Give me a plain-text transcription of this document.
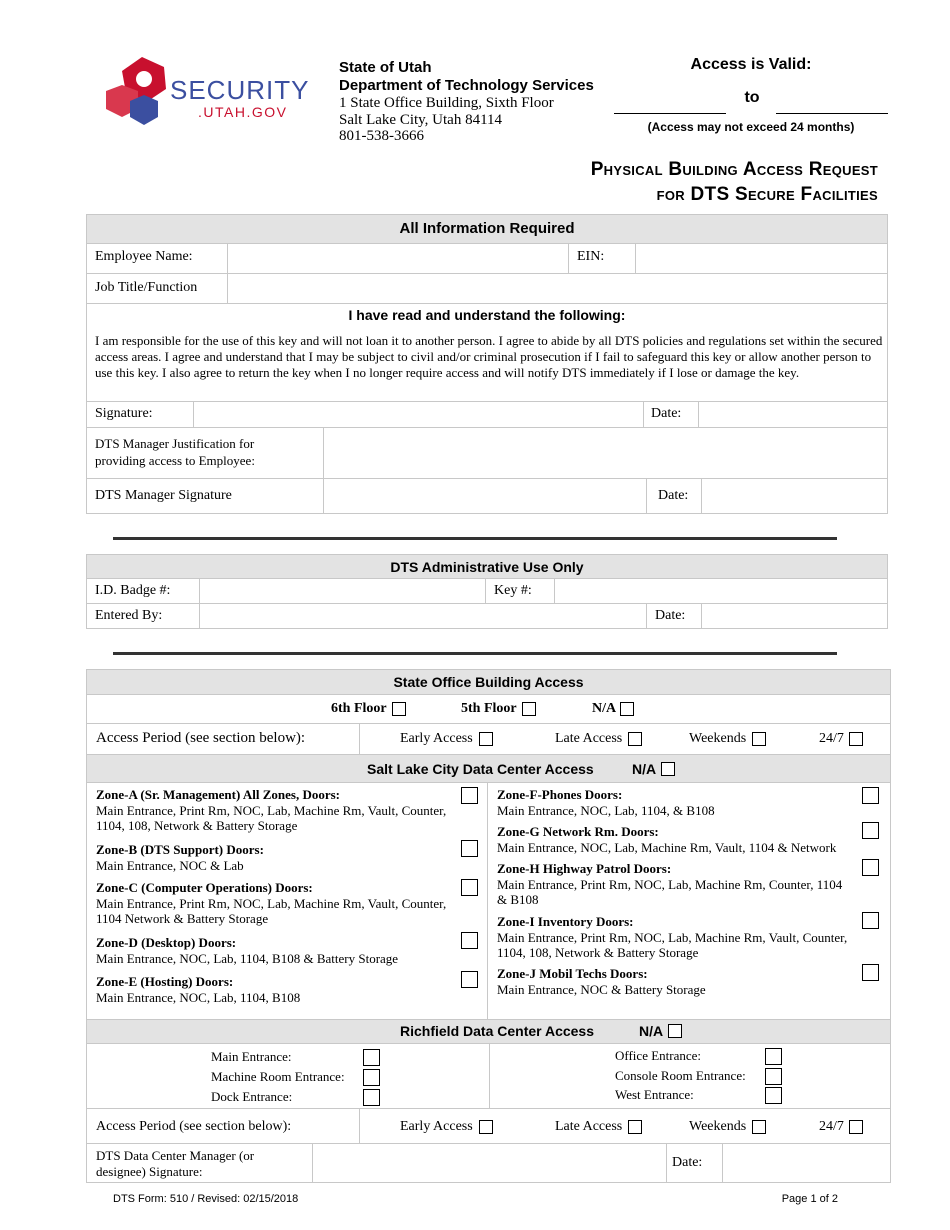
SECURITY
.UTAH.GOV
State of Utah
Department of Technology Services
1 State Office Building, Sixth Floor
Salt Lake City, Utah 84114
801-538-3666
Access is Valid:
to
(Access may not exceed 24 months)
Physical Building Access Request
for DTS Secure Facilities
All Information Required
Employee Name:	EIN:
Job Title/Function
I have read and understand the following:
I am responsible for the use of this key and will not loan it to another person. I agree to abide by all DTS policies and regulations set within the secured access areas. I agree and understand that I may be subject to civil and/or criminal prosecution if I fail to safeguard this key or allow another person to use this key. I also agree to return the key when I no longer require access and will notify DTS immediately if I lose or damage the key.
Signature:	Date:
DTS Manager Justification for
providing access to Employee:
DTS Manager Signature	Date:
DTS Administrative Use Only
I.D. Badge #:	Key #:
Entered By:	Date:
State Office Building Access
6th Floor	5th Floor	N/A
Access Period (see section below):	Early Access	Late Access	Weekends	24/7
Salt Lake City Data Center Access	N/A
Zone-A (Sr. Management) All Zones, Doors:
Main Entrance, Print Rm, NOC, Lab, Machine Rm, Vault, Counter,
1104, 108, Network & Battery Storage
Zone-B (DTS Support) Doors:
Main Entrance, NOC & Lab
Zone-C (Computer Operations) Doors:
Main Entrance, Print Rm, NOC, Lab, Machine Rm, Vault, Counter,
1104 Network & Battery Storage
Zone-D (Desktop) Doors:
Main Entrance, NOC, Lab, 1104, B108 & Battery Storage
Zone-E (Hosting) Doors:
Main Entrance, NOC, Lab, 1104, B108
Zone-F-Phones Doors:
Main Entrance, NOC, Lab, 1104, & B108
Zone-G Network Rm. Doors:
Main Entrance, NOC, Lab, Machine Rm, Vault, 1104 & Network
Zone-H Highway Patrol Doors:
Main Entrance, Print Rm, NOC, Lab, Machine Rm, Counter, 1104
& B108
Zone-I Inventory Doors:
Main Entrance, Print Rm, NOC, Lab, Machine Rm, Vault, Counter,
1104, 108, Network & Battery Storage
Zone-J Mobil Techs Doors:
Main Entrance, NOC & Battery Storage
Richfield Data Center Access	N/A
Main Entrance:
Machine Room Entrance:
Dock Entrance:
Office Entrance:
Console Room Entrance:
West Entrance:
Access Period (see section below):	Early Access	Late Access	Weekends	24/7
DTS Data Center Manager (or
designee) Signature:
Date:
DTS Form: 510 / Revised: 02/15/2018	Page 1 of 2
